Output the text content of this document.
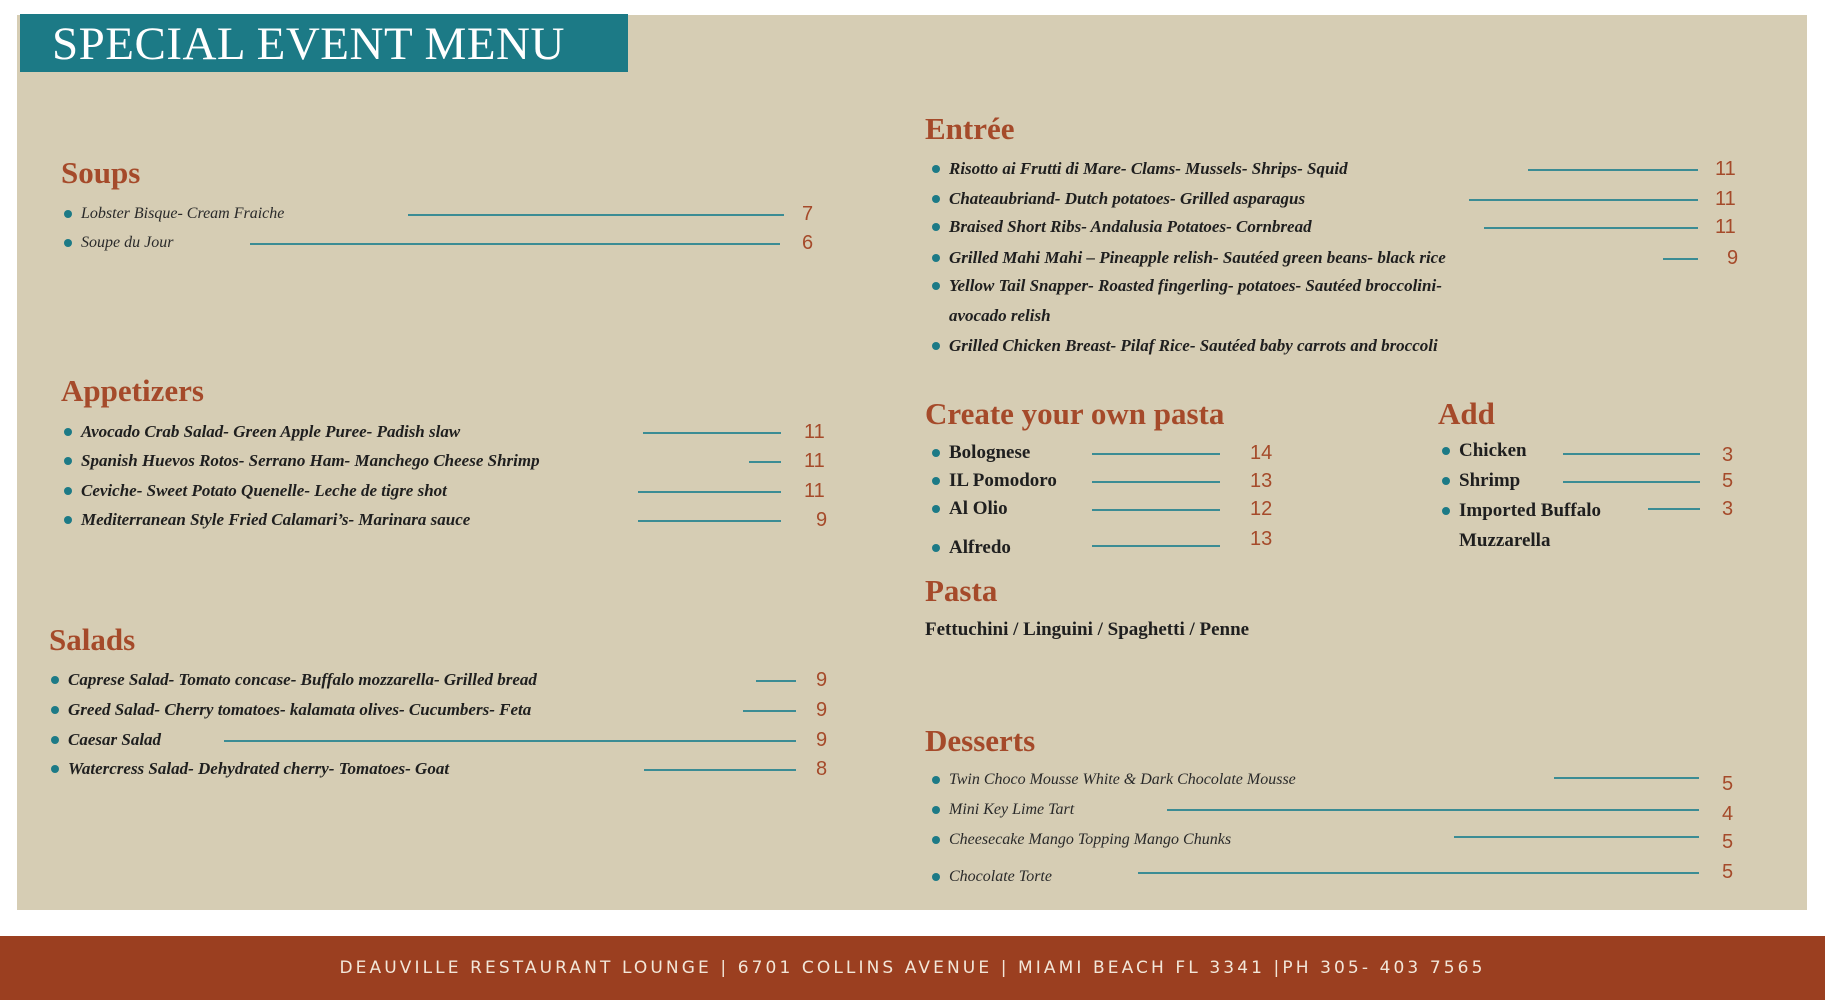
SPECIAL EVENT MENU
Soups
Lobster Bisque- Cream Fraiche	7
Soupe du Jour	6
Appetizers
Avocado Crab Salad- Green Apple Puree- Padish slaw	11
Spanish Huevos Rotos- Serrano Ham- Manchego Cheese Shrimp	11
Ceviche- Sweet Potato Quenelle- Leche de tigre shot	11
Mediterranean Style Fried Calamari’s- Marinara sauce	9
Salads
Caprese Salad- Tomato concase- Buffalo mozzarella- Grilled bread	9
Greed Salad- Cherry tomatoes- kalamata olives- Cucumbers- Feta	9
Caesar Salad	9
Watercress Salad- Dehydrated cherry- Tomatoes- Goat	8
Entrée
Risotto ai Frutti di Mare- Clams- Mussels- Shrips- Squid	11
Chateaubriand- Dutch potatoes- Grilled asparagus	11
Braised Short Ribs- Andalusia Potatoes- Cornbread	11
Grilled Mahi Mahi – Pineapple relish- Sautéed green beans- black rice	9
Yellow Tail Snapper- Roasted fingerling- potatoes- Sautéed broccolini-
avocado relish
Grilled Chicken Breast- Pilaf Rice- Sautéed baby carrots and broccoli
Create your own pasta
Bolognese	14
IL Pomodoro	13
Al Olio	12
Alfredo	13
Add
Chicken	3
Shrimp	5
Imported Buffalo	3
Muzzarella
Pasta
Fettuchini / Linguini / Spaghetti / Penne
Desserts
Twin Choco Mousse White & Dark Chocolate Mousse	5
Mini Key Lime Tart	4
Cheesecake Mango Topping Mango Chunks	5
Chocolate Torte	5
DEAUVILLE RESTAURANT LOUNGE | 6701 COLLINS AVENUE | MIAMI BEACH FL 3341 |PH 305- 403 7565
